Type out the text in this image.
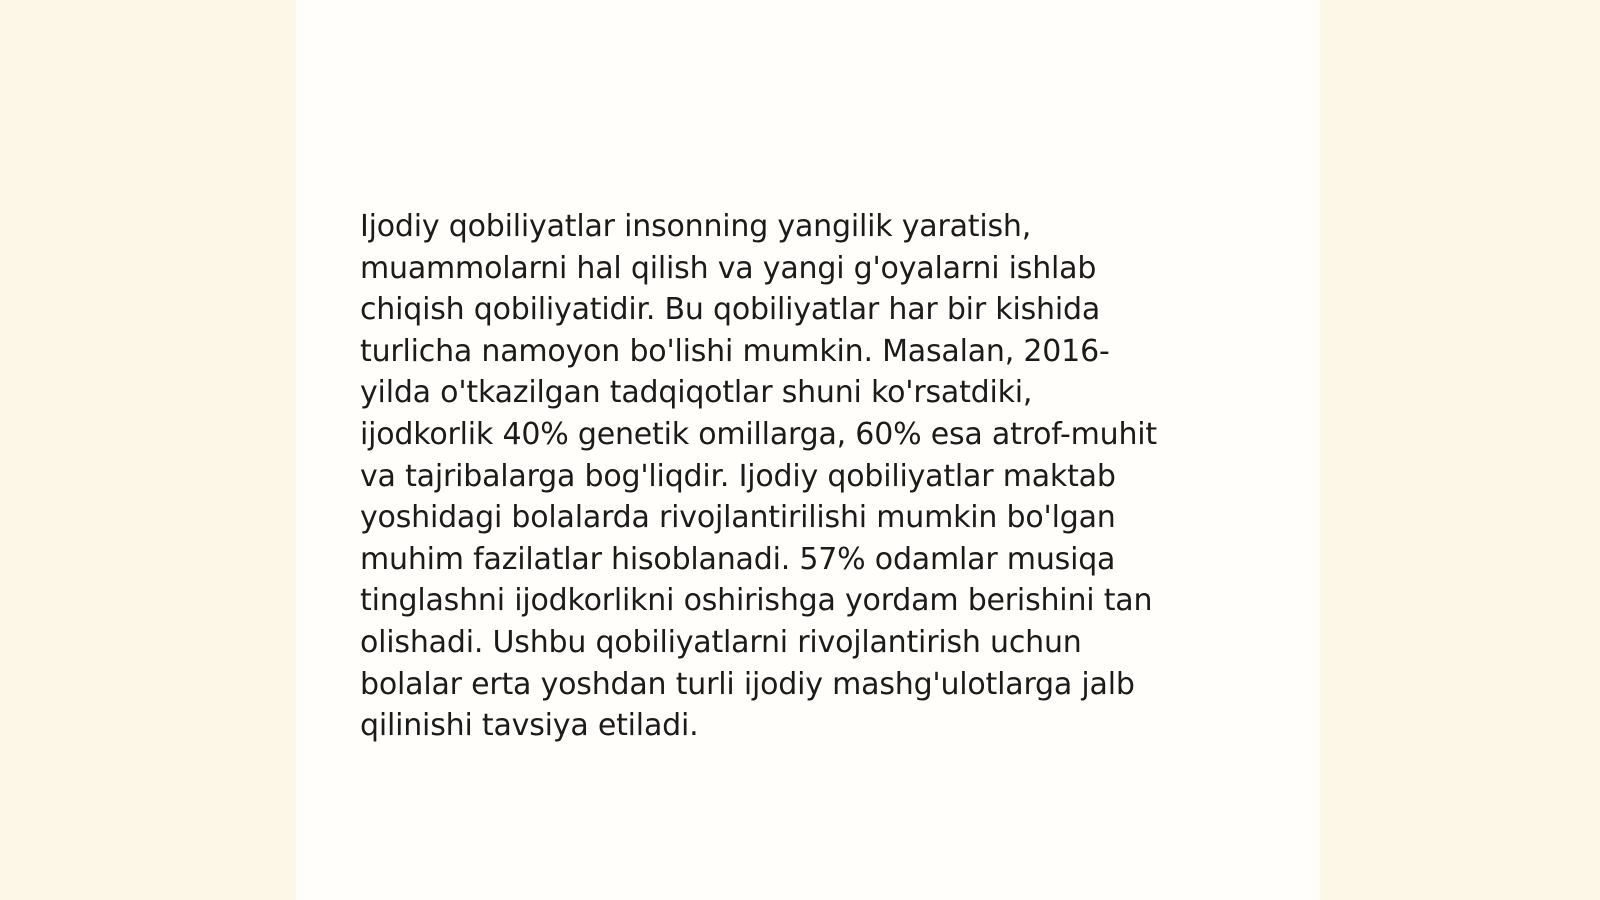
Ijodiy qobiliyatlar insonning yangilik yaratish,
muammolarni hal qilish va yangi g'oyalarni ishlab
chiqish qobiliyatidir. Bu qobiliyatlar har bir kishida
turlicha namoyon bo'lishi mumkin. Masalan, 2016-
yilda o'tkazilgan tadqiqotlar shuni ko'rsatdiki,
ijodkorlik 40% genetik omillarga, 60% esa atrof-muhit
va tajribalarga bog'liqdir. Ijodiy qobiliyatlar maktab
yoshidagi bolalarda rivojlantirilishi mumkin bo'lgan
muhim fazilatlar hisoblanadi. 57% odamlar musiqa
tinglashni ijodkorlikni oshirishga yordam berishini tan
olishadi. Ushbu qobiliyatlarni rivojlantirish uchun
bolalar erta yoshdan turli ijodiy mashg'ulotlarga jalb
qilinishi tavsiya etiladi.
